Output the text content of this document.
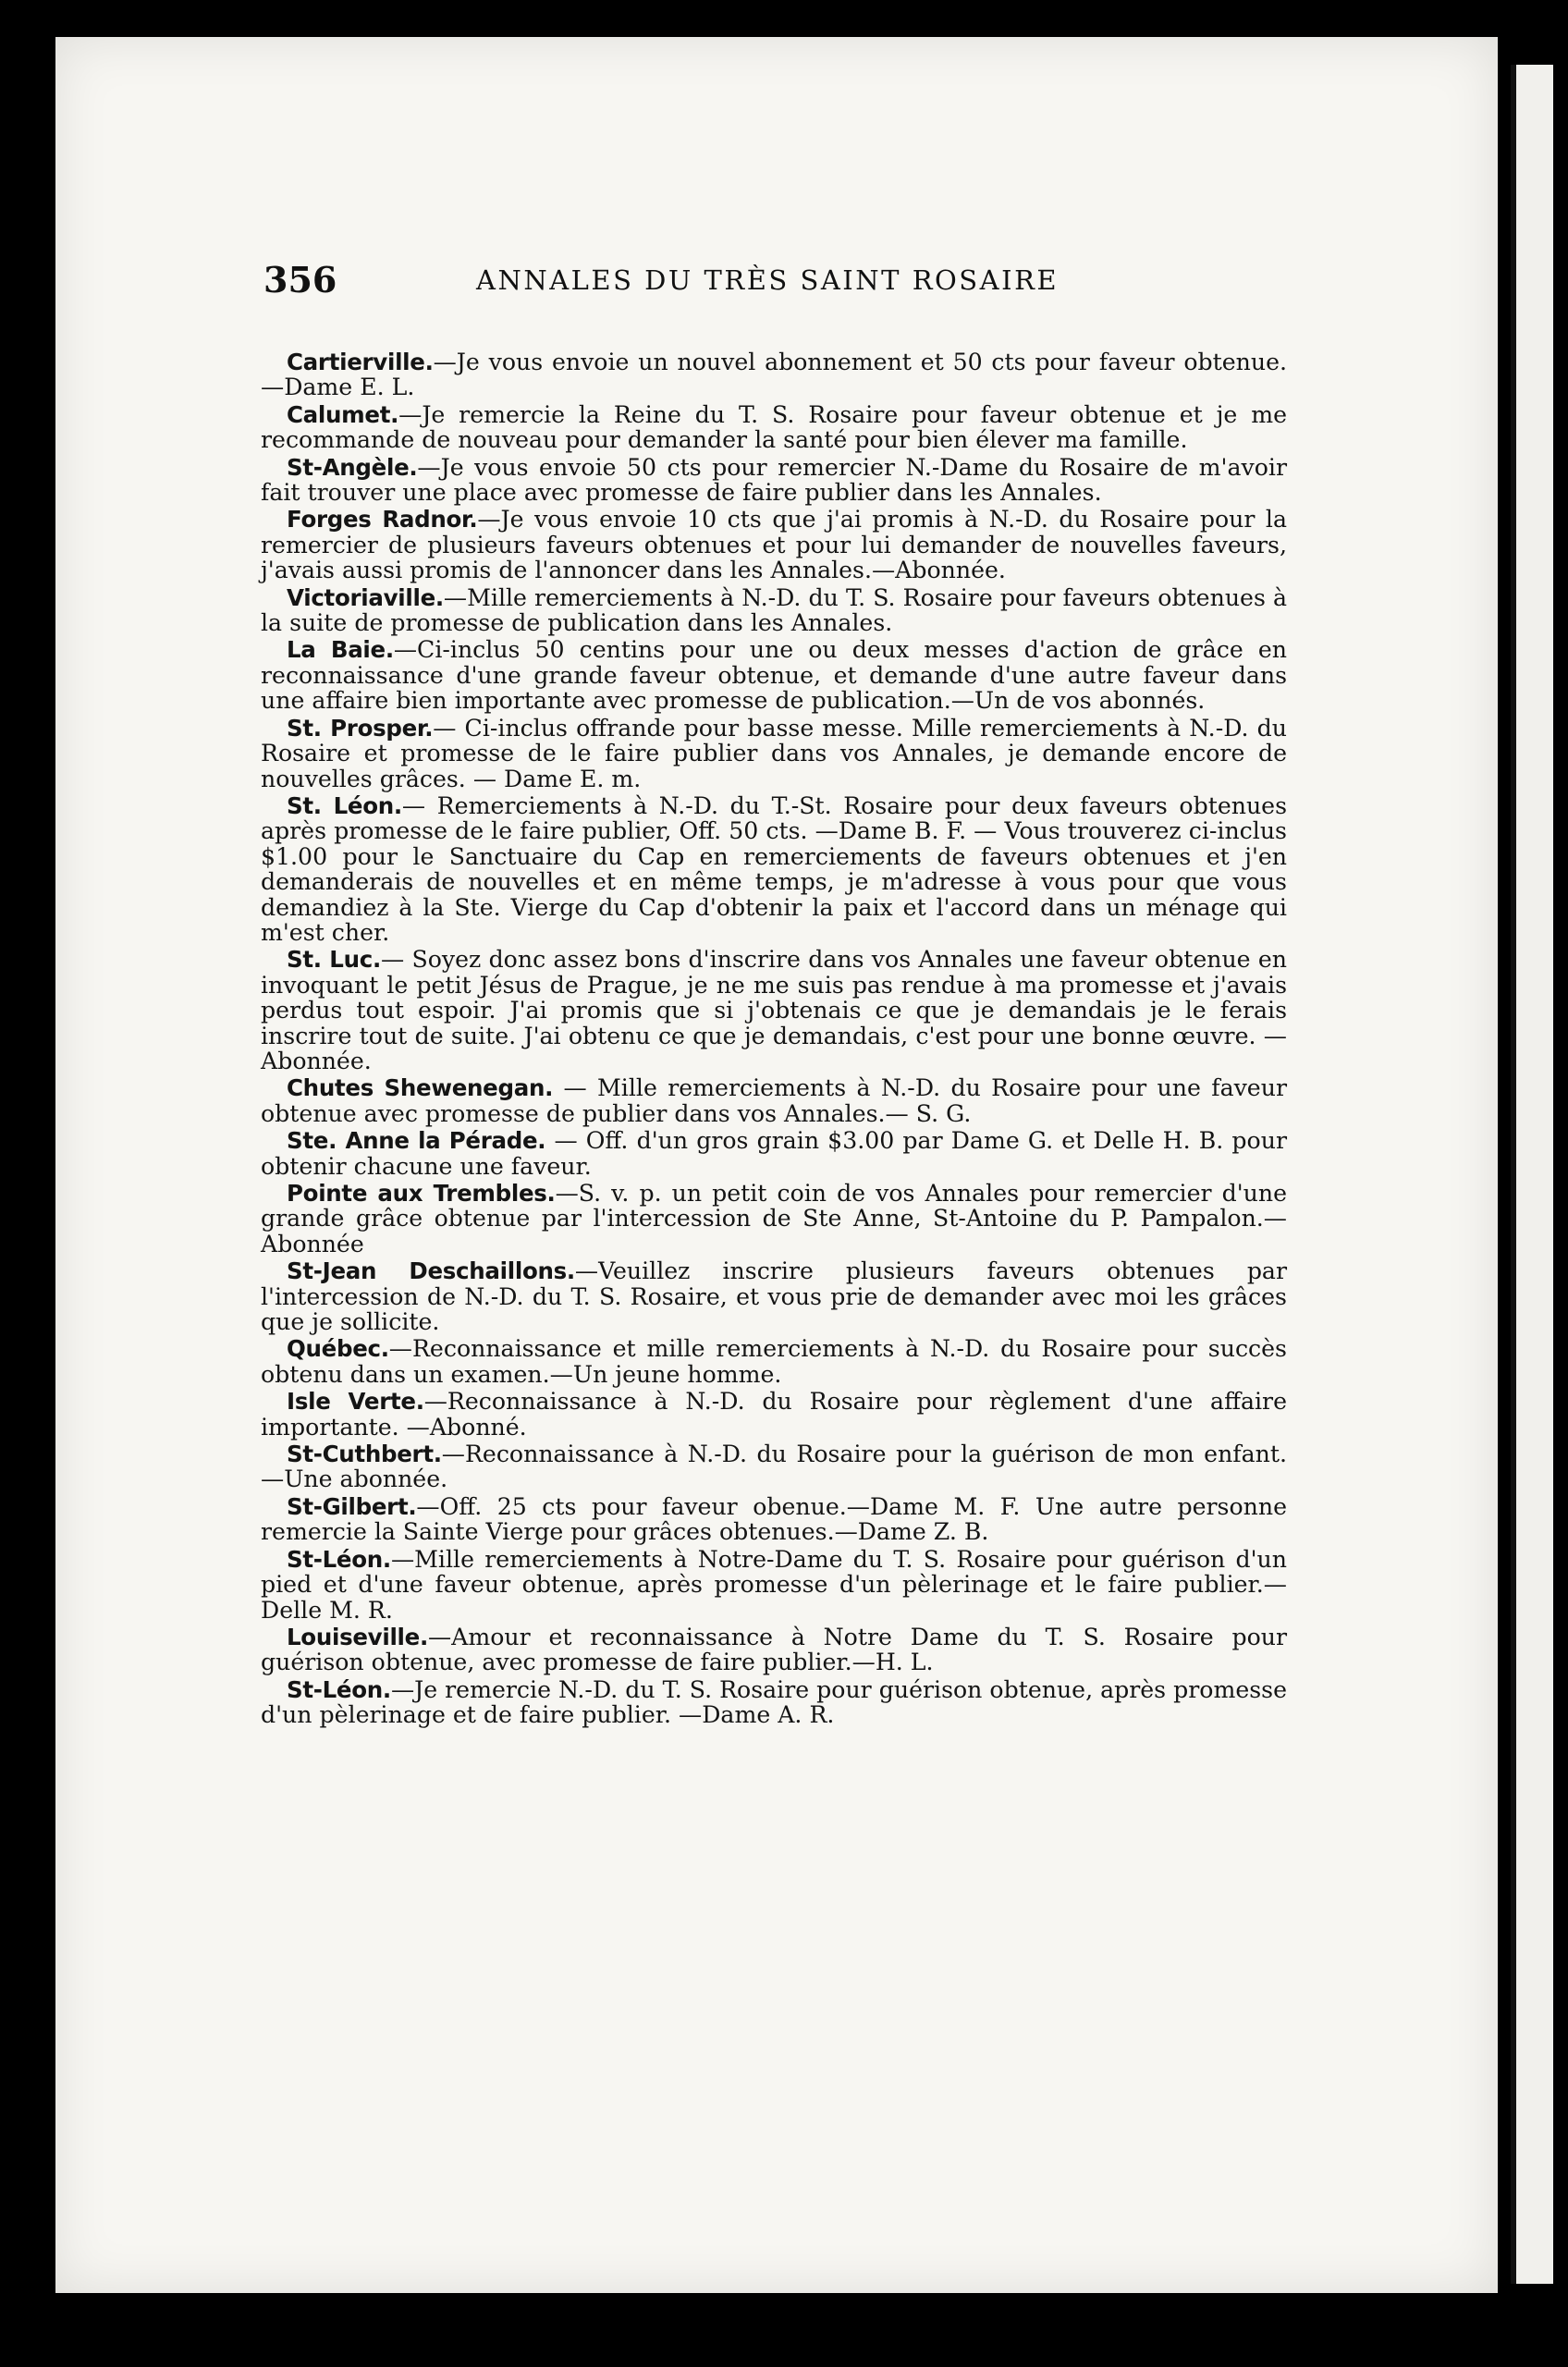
356	ANNALES DU TRÈS SAINT ROSAIRE

Cartierville.—Je vous envoie un nouvel abonnement et 50 cts pour faveur obtenue.—Dame E. L.

Calumet.—Je remercie la Reine du T. S. Rosaire pour faveur obtenue et je me recommande de nouveau pour demander la santé pour bien élever ma famille.

St-Angèle.—Je vous envoie 50 cts pour remercier N.-Dame du Rosaire de m'avoir fait trouver une place avec promesse de faire publier dans les Annales.

Forges Radnor.—Je vous envoie 10 cts que j'ai promis à N.-D. du Rosaire pour la remercier de plusieurs faveurs obtenues et pour lui demander de nouvelles faveurs, j'avais aussi promis de l'annoncer dans les Annales.—Abonnée.

Victoriaville.—Mille remerciements à N.-D. du T. S. Rosaire pour faveurs obtenues à la suite de promesse de publication dans les Annales.

La Baie.—Ci-inclus 50 centins pour une ou deux messes d'action de grâce en reconnaissance d'une grande faveur obtenue, et demande d'une autre faveur dans une affaire bien importante avec promesse de publication.—Un de vos abonnés.

St. Prosper.— Ci-inclus offrande pour basse messe. Mille remerciements à N.-D. du Rosaire et promesse de le faire publier dans vos Annales, je demande encore de nouvelles grâces. — Dame E. m.

St. Léon.— Remerciements à N.-D. du T.-St. Rosaire pour deux faveurs obtenues après promesse de le faire publier, Off. 50 cts. —Dame B. F. — Vous trouverez ci-inclus $1.00 pour le Sanctuaire du Cap en remerciements de faveurs obtenues et j'en demanderais de nouvelles et en même temps, je m'adresse à vous pour que vous demandiez à la Ste. Vierge du Cap d'obtenir la paix et l'accord dans un ménage qui m'est cher.

St. Luc.— Soyez donc assez bons d'inscrire dans vos Annales une faveur obtenue en invoquant le petit Jésus de Prague, je ne me suis pas rendue à ma promesse et j'avais perdus tout espoir. J'ai promis que si j'obtenais ce que je demandais je le ferais inscrire tout de suite. J'ai obtenu ce que je demandais, c'est pour une bonne œuvre. —Abonnée.

Chutes Shewenegan. — Mille remerciements à N.-D. du Rosaire pour une faveur obtenue avec promesse de publier dans vos Annales.— S. G.

Ste. Anne la Pérade. — Off. d'un gros grain $3.00 par Dame G. et Delle H. B. pour obtenir chacune une faveur.

Pointe aux Trembles.—S. v. p. un petit coin de vos Annales pour remercier d'une grande grâce obtenue par l'intercession de Ste Anne, St-Antoine du P. Pampalon.—Abonnée

St-Jean Deschaillons.—Veuillez inscrire plusieurs faveurs obtenues par l'intercession de N.-D. du T. S. Rosaire, et vous prie de demander avec moi les grâces que je sollicite.

Québec.—Reconnaissance et mille remerciements à N.-D. du Rosaire pour succès obtenu dans un examen.—Un jeune homme.

Isle Verte.—Reconnaissance à N.-D. du Rosaire pour règlement d'une affaire importante. —Abonné.

St-Cuthbert.—Reconnaissance à N.-D. du Rosaire pour la guérison de mon enfant.—Une abonnée.

St-Gilbert.—Off. 25 cts pour faveur obenue.—Dame M. F. Une autre personne remercie la Sainte Vierge pour grâces obtenues.—Dame Z. B.

St-Léon.—Mille remerciements à Notre-Dame du T. S. Rosaire pour guérison d'un pied et d'une faveur obtenue, après promesse d'un pèlerinage et le faire publier.—Delle M. R.

Louiseville.—Amour et reconnaissance à Notre Dame du T. S. Rosaire pour guérison obtenue, avec promesse de faire publier.—H. L.

St-Léon.—Je remercie N.-D. du T. S. Rosaire pour guérison obtenue, après promesse d'un pèlerinage et de faire publier. —Dame A. R.
